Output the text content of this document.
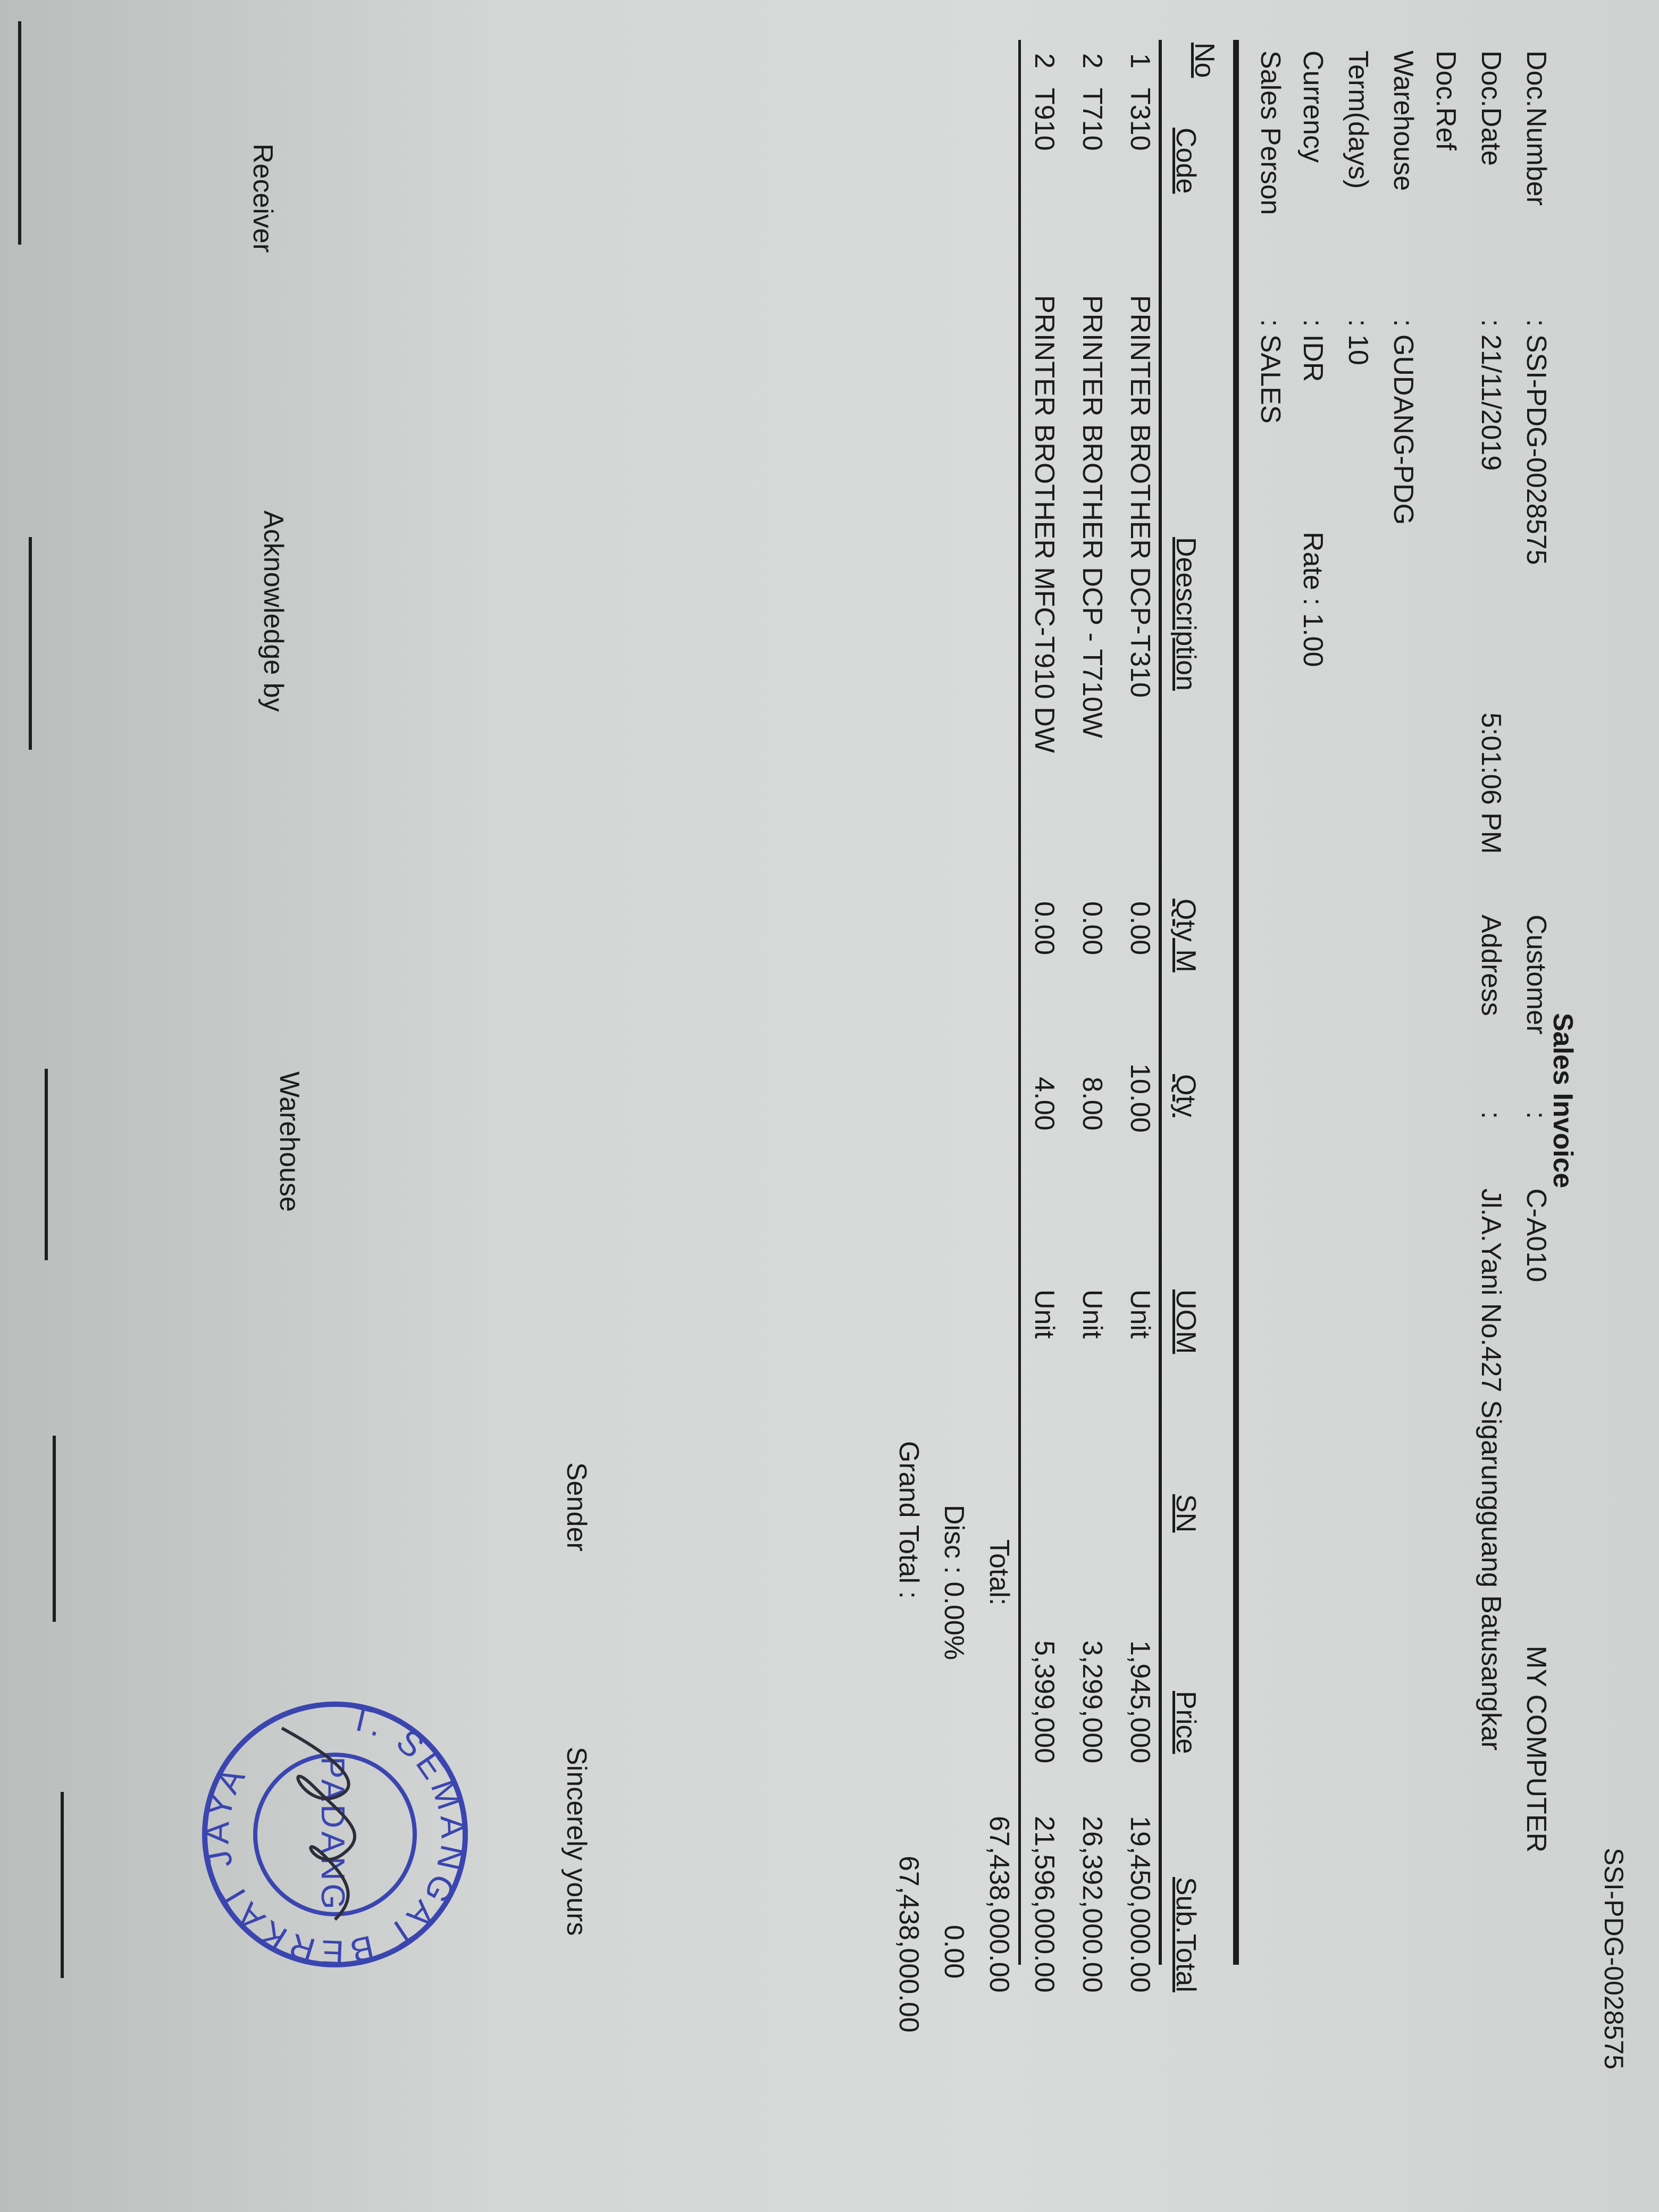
SSI-PDG-0028575
Sales Invoice
MY COMPUTER
Doc.Number
: SSI-PDG-0028575
Doc.Date
: 21/11/2019
Doc.Ref
Warehouse
: GUDANG-PDG
Term(days)
: 10
Currency
: IDR
Sales Person
: SALES
5:01:06 PM
Rate : 1.00
Customer
:
C-A010
Address
:
Jl.A.Yani No.427 Sigarungguang Batusangkar
No
Code
Deescription
Qty M
Qty
UOM
SN
Price
Sub.Total
1
T310
PRINTER BROTHER DCP-T310
0.00
10.00
Unit
1,945,000
19,450,000.00
2
T710
PRINTER BROTHER DCP - T710W
0.00
8.00
Unit
3,299,000
26,392,000.00
2
T910
PRINTER BROTHER MFC-T910 DW
0.00
4.00
Unit
5,399,000
21,596,000.00
67,438,000.00
Total:
Disc : 0.00%
0.00
Grand Total :
67,438,000.00
Receiver
Acknowledge by
Warehouse
Sender
Sincerely yours
T. SEMANGAT BERKAT JAYA	PADANG
